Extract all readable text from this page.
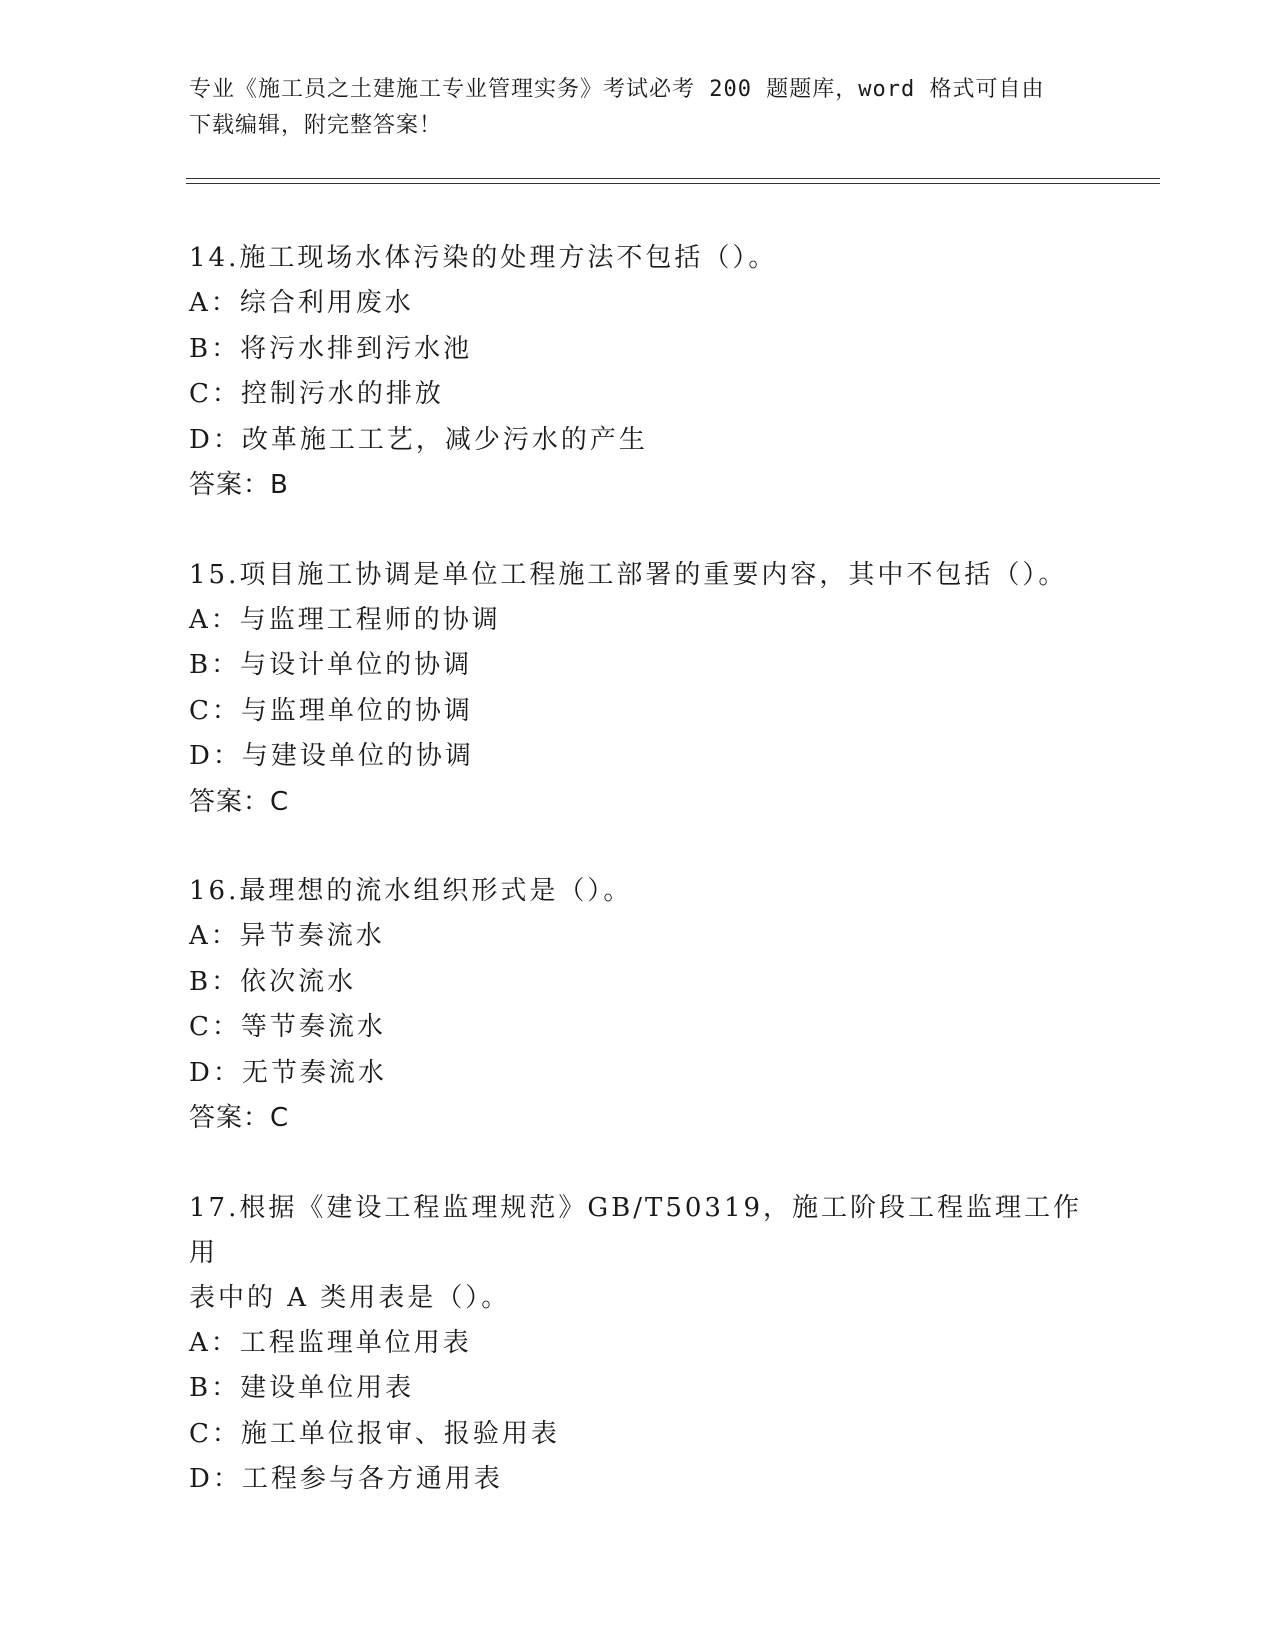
专业《施工员之土建施工专业管理实务》考试必考 200 题题库，word 格式可自由
下载编辑，附完整答案！

14.施工现场水体污染的处理方法不包括（）。

A：综合利用废水

B：将污水排到污水池

C：控制污水的排放

D：改革施工工艺，减少污水的产生

答案：B

15.项目施工协调是单位工程施工部署的重要内容，其中不包括（）。

A：与监理工程师的协调

B：与设计单位的协调

C：与监理单位的协调

D：与建设单位的协调

答案：C

16.最理想的流水组织形式是（）。

A：异节奏流水

B：依次流水

C：等节奏流水

D：无节奏流水

答案：C

17.根据《建设工程监理规范》GB/T50319，施工阶段工程监理工作用

表中的 A 类用表是（）。

A：工程监理单位用表

B：建设单位用表

C：施工单位报审、报验用表

D：工程参与各方通用表
